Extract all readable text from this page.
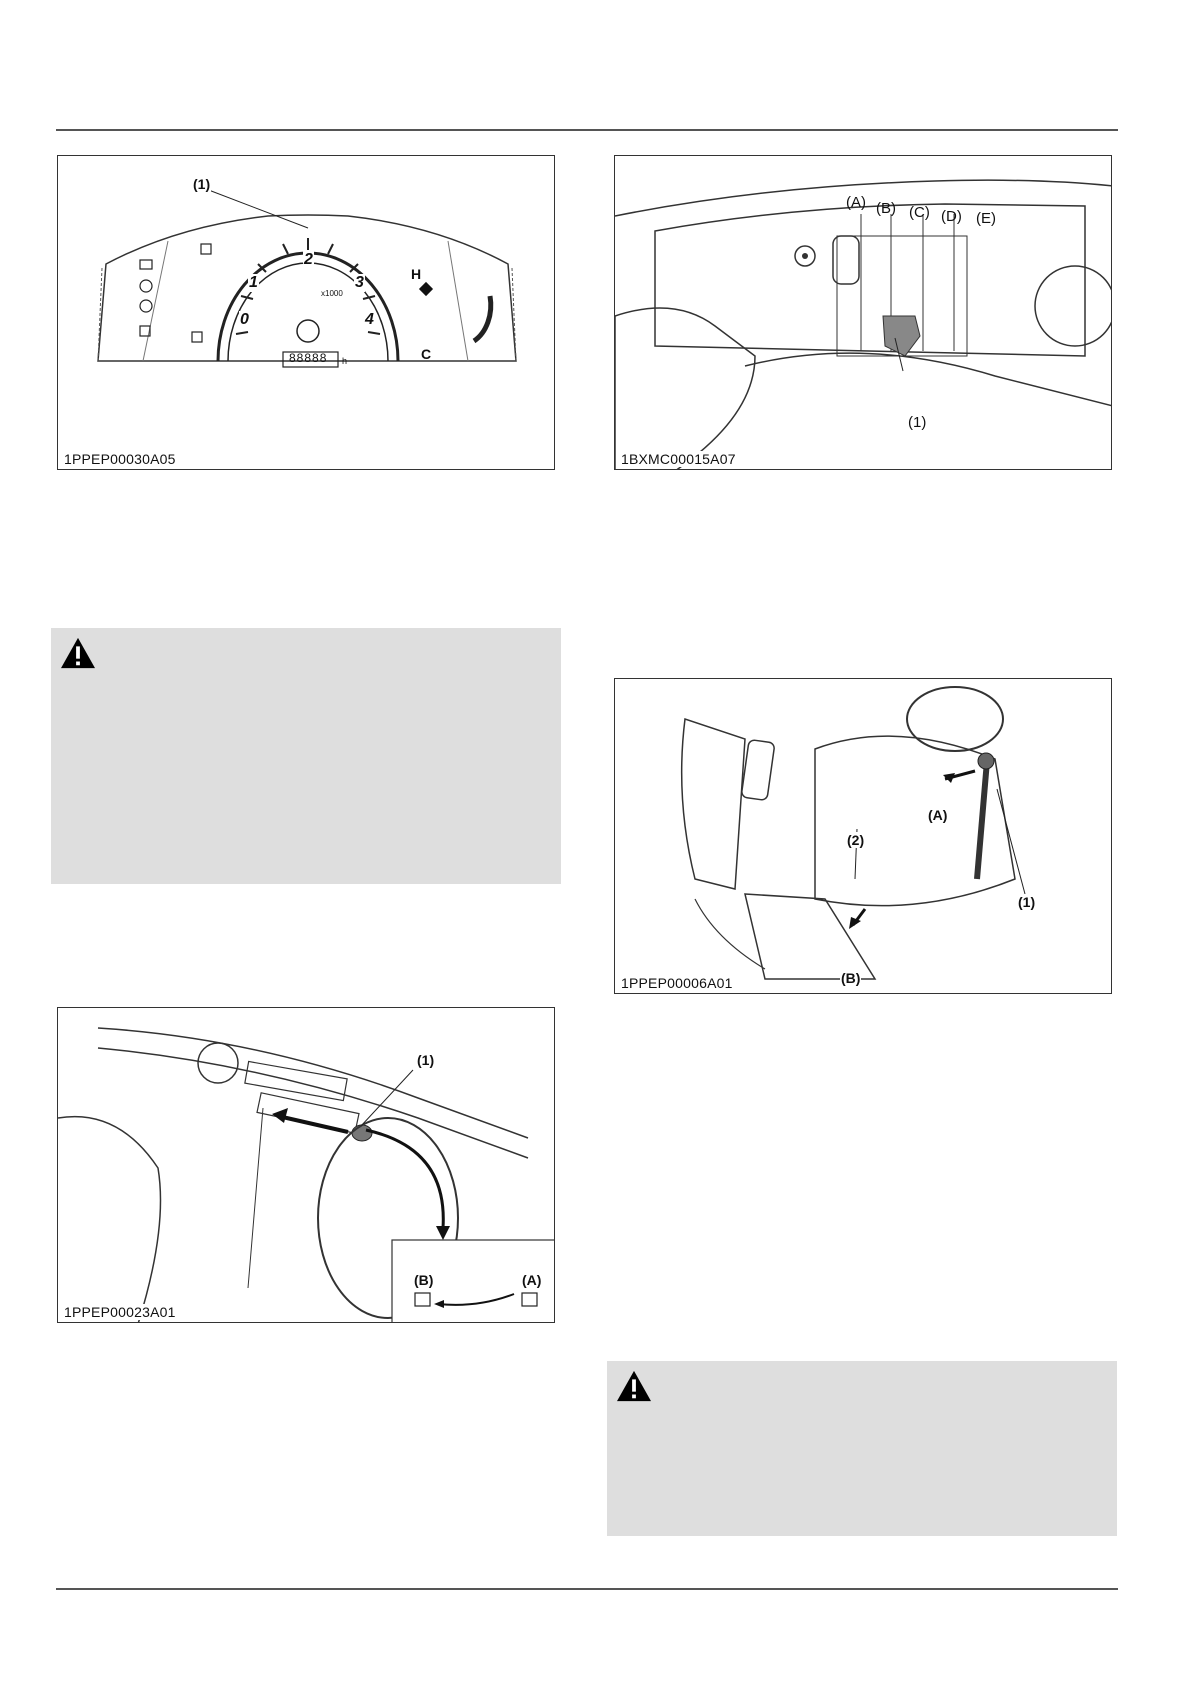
(1)
0
1
2
3
4
x1000
88888 h
H
C
1PPEP00030A05
(A) (B) (C) (D) (E)
(1)
1BXMC00015A07
(A)
(2)
(1)
(B)
1PPEP00006A01
(1)
(B)	(A)
1PPEP00023A01
